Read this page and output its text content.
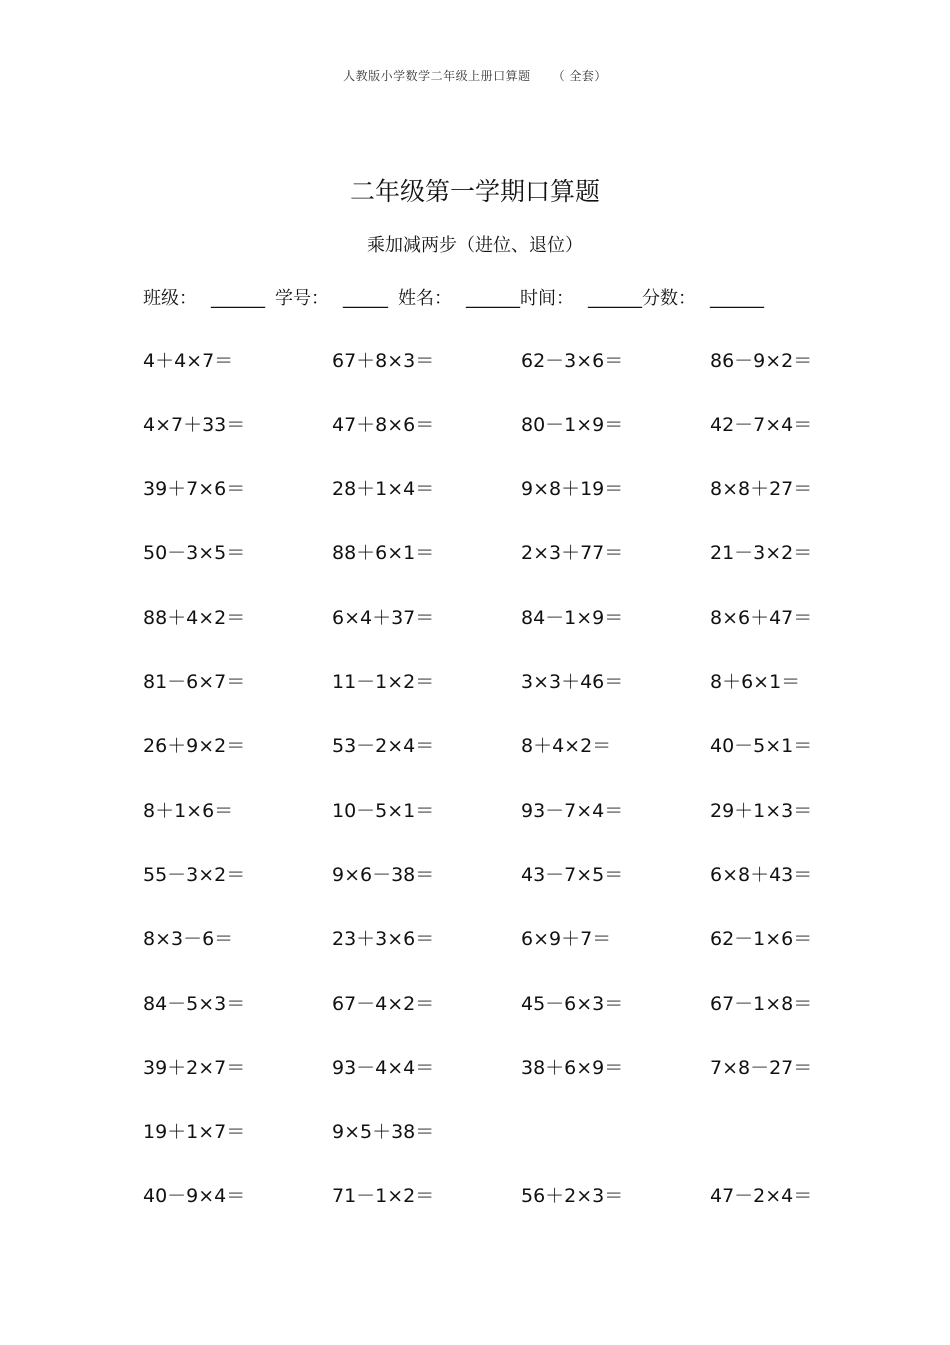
人教版小学数学二年级上册口算题 （ 全套）
二年级第一学期口算题
乘加减两步（进位、退位）
班级： ______ 学号： _____ 姓名： ______时间： ______分数： ______
4＋4×7＝	67＋8×3＝	62－3×6＝	86－9×2＝
4×7＋33＝	47＋8×6＝	80－1×9＝	42－7×4＝
39＋7×6＝	28＋1×4＝	9×8＋19＝	8×8＋27＝
50－3×5＝	88＋6×1＝	2×3＋77＝	21－3×2＝
88＋4×2＝	6×4＋37＝	84－1×9＝	8×6＋47＝
81－6×7＝	11－1×2＝	3×3＋46＝	8＋6×1＝
26＋9×2＝	53－2×4＝	8＋4×2＝	40－5×1＝
8＋1×6＝	10－5×1＝	93－7×4＝	29＋1×3＝
55－3×2＝	9×6－38＝	43－7×5＝	6×8＋43＝
8×3－6＝	23＋3×6＝	6×9＋7＝	62－1×6＝
84－5×3＝	67－4×2＝	45－6×3＝	67－1×8＝
39＋2×7＝	93－4×4＝	38＋6×9＝	7×8－27＝
19＋1×7＝	9×5＋38＝
40－9×4＝	71－1×2＝	56＋2×3＝	47－2×4＝
